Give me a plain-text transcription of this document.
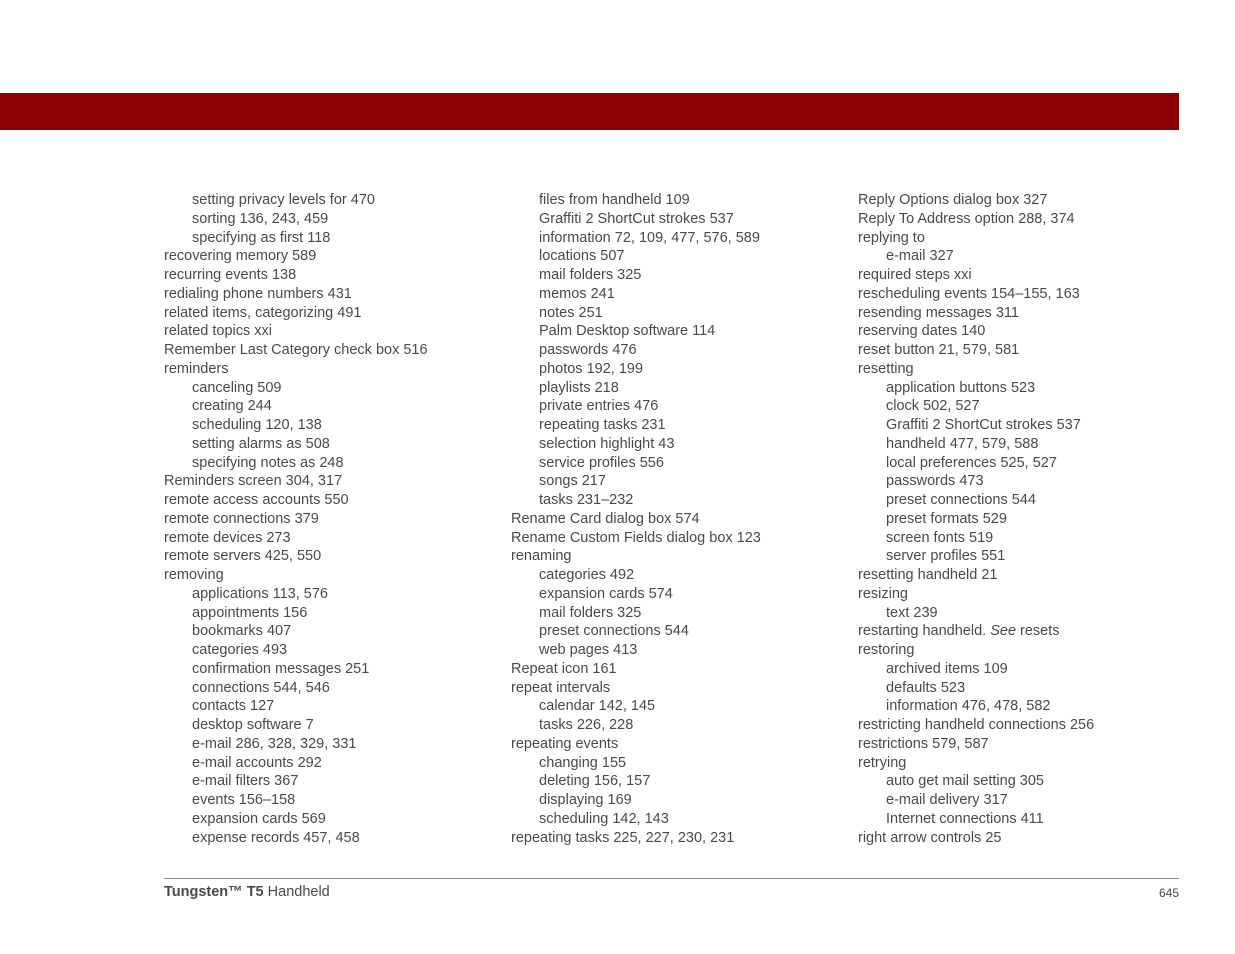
setting privacy levels for 470
sorting 136, 243, 459
specifying as first 118
recovering memory 589
recurring events 138
redialing phone numbers 431
related items, categorizing 491
related topics xxi
Remember Last Category check box 516
reminders
canceling 509
creating 244
scheduling 120, 138
setting alarms as 508
specifying notes as 248
Reminders screen 304, 317
remote access accounts 550
remote connections 379
remote devices 273
remote servers 425, 550
removing
applications 113, 576
appointments 156
bookmarks 407
categories 493
confirmation messages 251
connections 544, 546
contacts 127
desktop software 7
e-mail 286, 328, 329, 331
e-mail accounts 292
e-mail filters 367
events 156–158
expansion cards 569
expense records 457, 458
files from handheld 109
Graffiti 2 ShortCut strokes 537
information 72, 109, 477, 576, 589
locations 507
mail folders 325
memos 241
notes 251
Palm Desktop software 114
passwords 476
photos 192, 199
playlists 218
private entries 476
repeating tasks 231
selection highlight 43
service profiles 556
songs 217
tasks 231–232
Rename Card dialog box 574
Rename Custom Fields dialog box 123
renaming
categories 492
expansion cards 574
mail folders 325
preset connections 544
web pages 413
Repeat icon 161
repeat intervals
calendar 142, 145
tasks 226, 228
repeating events
changing 155
deleting 156, 157
displaying 169
scheduling 142, 143
repeating tasks 225, 227, 230, 231
Reply Options dialog box 327
Reply To Address option 288, 374
replying to
e-mail 327
required steps xxi
rescheduling events 154–155, 163
resending messages 311
reserving dates 140
reset button 21, 579, 581
resetting
application buttons 523
clock 502, 527
Graffiti 2 ShortCut strokes 537
handheld 477, 579, 588
local preferences 525, 527
passwords 473
preset connections 544
preset formats 529
screen fonts 519
server profiles 551
resetting handheld 21
resizing
text 239
restarting handheld. See resets
restoring
archived items 109
defaults 523
information 476, 478, 582
restricting handheld connections 256
restrictions 579, 587
retrying
auto get mail setting 305
e-mail delivery 317
Internet connections 411
right arrow controls 25
Tungsten™ T5 Handheld	645
